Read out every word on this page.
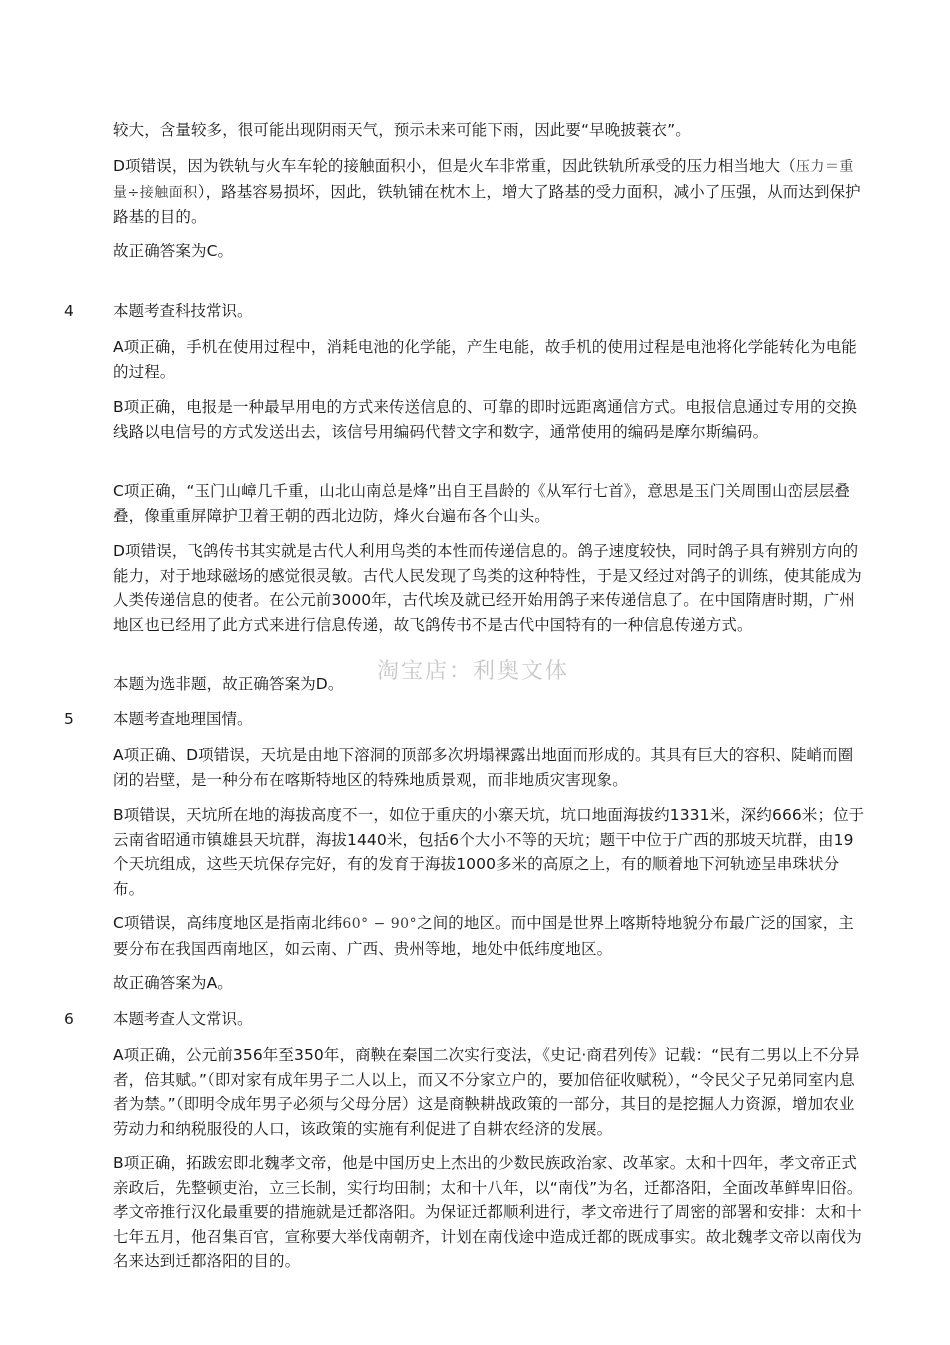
较大，含量较多，很可能出现阴雨天气，预示未来可能下雨，因此要“早晚披蓑衣”。

D项错误，因为铁轨与火车车轮的接触面积小，但是火车非常重，因此铁轨所承受的压力相当地大（压力＝重量÷接触面积），路基容易损坏，因此，铁轨铺在枕木上，增大了路基的受力面积，减小了压强，从而达到保护路基的目的。

故正确答案为C。

4	本题考查科技常识。

A项正确，手机在使用过程中，消耗电池的化学能，产生电能，故手机的使用过程是电池将化学能转化为电能的过程。

B项正确，电报是一种最早用电的方式来传送信息的、可靠的即时远距离通信方式。电报信息通过专用的交换线路以电信号的方式发送出去，该信号用编码代替文字和数字，通常使用的编码是摩尔斯编码。

C项正确，“玉门山嶂几千重，山北山南总是烽”出自王昌龄的《从军行七首》，意思是玉门关周围山峦层层叠叠，像重重屏障护卫着王朝的西北边防，烽火台遍布各个山头。

D项错误，飞鸽传书其实就是古代人利用鸟类的本性而传递信息的。鸽子速度较快，同时鸽子具有辨别方向的能力，对于地球磁场的感觉很灵敏。古代人民发现了鸟类的这种特性，于是又经过对鸽子的训练，使其能成为人类传递信息的使者。在公元前3000年，古代埃及就已经开始用鸽子来传递信息了。在中国隋唐时期，广州地区也已经用了此方式来进行信息传递，故飞鸽传书不是古代中国特有的一种信息传递方式。

本题为选非题，故正确答案为D。

5	本题考查地理国情。

A项正确、D项错误，天坑是由地下溶洞的顶部多次坍塌裸露出地面而形成的。其具有巨大的容积、陡峭而圈闭的岩壁，是一种分布在喀斯特地区的特殊地质景观，而非地质灾害现象。

B项错误，天坑所在地的海拔高度不一，如位于重庆的小寨天坑，坑口地面海拔约1331米，深约666米；位于云南省昭通市镇雄县天坑群，海拔1440米，包括6个大小不等的天坑；题干中位于广西的那坡天坑群，由19个天坑组成，这些天坑保存完好，有的发育于海拔1000多米的高原之上，有的顺着地下河轨迹呈串珠状分布。

C项错误，高纬度地区是指南北纬60° − 90°之间的地区。而中国是世界上喀斯特地貌分布最广泛的国家，主要分布在我国西南地区，如云南、广西、贵州等地，地处中低纬度地区。

故正确答案为A。

6	本题考查人文常识。

A项正确，公元前356年至350年，商鞅在秦国二次实行变法，《史记·商君列传》记载：“民有二男以上不分异者，倍其赋。”（即对家有成年男子二人以上，而又不分家立户的，要加倍征收赋税），“令民父子兄弟同室内息者为禁。”（即明令成年男子必须与父母分居）这是商鞅耕战政策的一部分，其目的是挖掘人力资源，增加农业劳动力和纳税服役的人口，该政策的实施有利促进了自耕农经济的发展。

B项正确，拓跋宏即北魏孝文帝，他是中国历史上杰出的少数民族政治家、改革家。太和十四年，孝文帝正式亲政后，先整顿吏治，立三长制，实行均田制；太和十八年，以“南伐”为名，迁都洛阳，全面改革鲜卑旧俗。孝文帝推行汉化最重要的措施就是迁都洛阳。为保证迁都顺利进行，孝文帝进行了周密的部署和安排：太和十七年五月，他召集百官，宣称要大举伐南朝齐，计划在南伐途中造成迁都的既成事实。故北魏孝文帝以南伐为名来达到迁都洛阳的目的。

淘宝店：利奥文体
